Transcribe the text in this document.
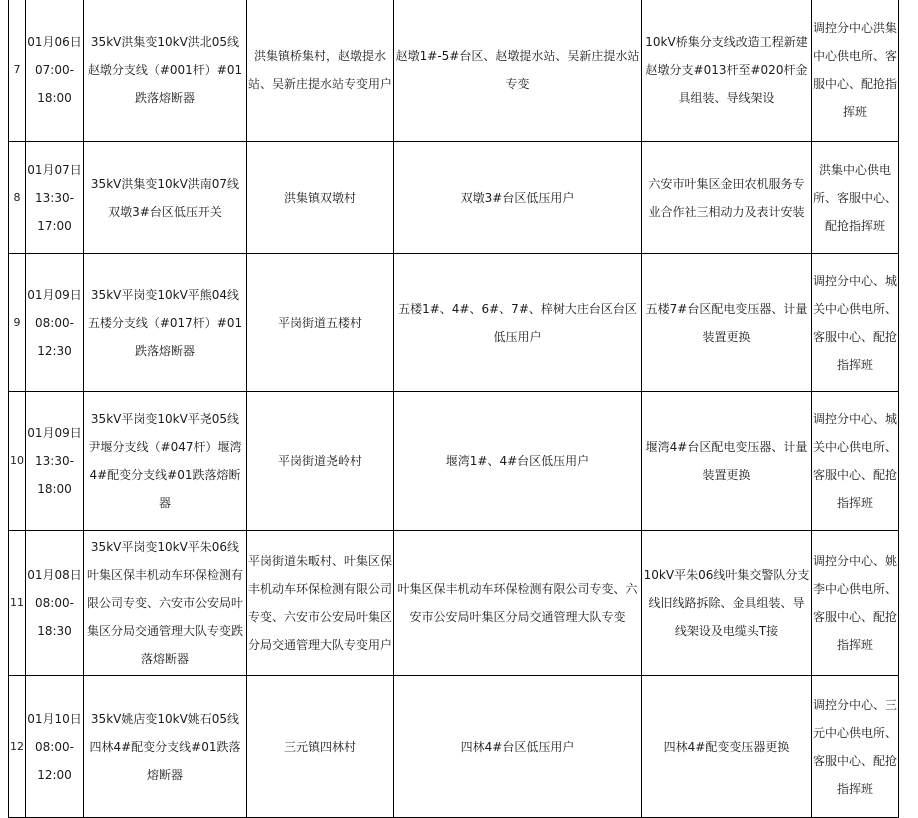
7	01月06日
07:00-
18:00	35kV洪集变10kV洪北05线赵墩分支线（#001杆）#01跌落熔断器	洪集镇桥集村，赵墩提水站、吴新庄提水站专变用户	赵墩1#-5#台区、赵墩提水站、吴新庄提水站专变	10kV桥集分支线改造工程新建赵墩分支#013杆至#020杆金具组装、导线架设	调控分中心洪集中心供电所、客服中心、配抢指挥班
8	01月07日
13:30-
17:00	35kV洪集变10kV洪南07线双墩3#台区低压开关	洪集镇双墩村	双墩3#台区低压用户	六安市叶集区金田农机服务专业合作社三相动力及表计安装	洪集中心供电所、客服中心、配抢指挥班
9	01月09日
08:00-
12:30	35kV平岗变10kV平熊04线五楼分支线（#017杆）#01跌落熔断器	平岗街道五楼村	五楼1#、4#、6#、7#、梓树大庄台区台区低压用户	五楼7#台区配电变压器、计量装置更换	调控分中心、城关中心供电所、客服中心、配抢指挥班
10	01月09日
13:30-
18:00	35kV平岗变10kV平尧05线尹堰分支线（#047杆）堰湾4#配变分支线#01跌落熔断器	平岗街道尧岭村	堰湾1#、4#台区低压用户	堰湾4#台区配电变压器、计量装置更换	调控分中心、城关中心供电所、客服中心、配抢指挥班
11	01月08日
08:00-
18:30	35kV平岗变10kV平朱06线叶集区保丰机动车环保检测有限公司专变、六安市公安局叶集区分局交通管理大队专变跌落熔断器	平岗街道朱畈村、叶集区保丰机动车环保检测有限公司专变、六安市公安局叶集区分局交通管理大队专变用户	叶集区保丰机动车环保检测有限公司专变、六安市公安局叶集区分局交通管理大队专变	10kV平朱06线叶集交警队分支线旧线路拆除、金具组装、导线架设及电缆头T接	调控分中心、姚李中心供电所、客服中心、配抢指挥班
12	01月10日
08:00-
12:00	35kV姚店变10kV姚石05线四林4#配变分支线#01跌落熔断器	三元镇四林村	四林4#台区低压用户	四林4#配变变压器更换	调控分中心、三元中心供电所、客服中心、配抢指挥班
